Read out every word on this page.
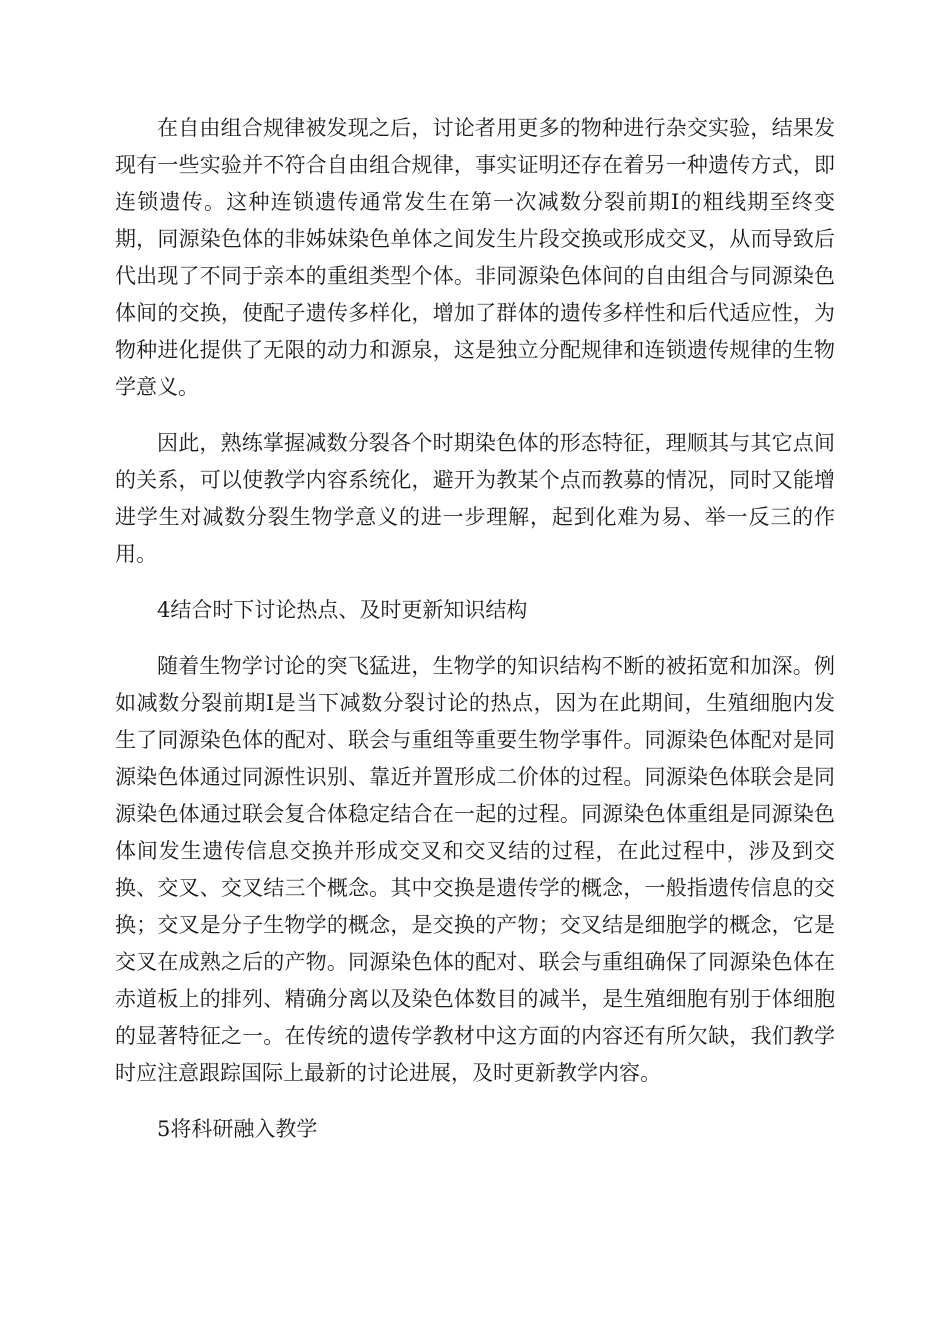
在自由组合规律被发现之后，讨论者用更多的物种进行杂交实验，结果发现有一些实验并不符合自由组合规律，事实证明还存在着另一种遗传方式，即连锁遗传。这种连锁遗传通常发生在第一次减数分裂前期Ⅰ的粗线期至终变期，同源染色体的非姊妹染色单体之间发生片段交换或形成交叉，从而导致后代出现了不同于亲本的重组类型个体。非同源染色体间的自由组合与同源染色体间的交换，使配子遗传多样化，增加了群体的遗传多样性和后代适应性，为物种进化提供了无限的动力和源泉，这是独立分配规律和连锁遗传规律的生物学意义。

因此，熟练掌握减数分裂各个时期染色体的形态特征，理顺其与其它点间的关系，可以使教学内容系统化，避开为教某个点而教募的情况，同时又能增进学生对减数分裂生物学意义的进一步理解，起到化难为易、举一反三的作用。

4结合时下讨论热点、及时更新知识结构

随着生物学讨论的突飞猛进，生物学的知识结构不断的被拓宽和加深。例如减数分裂前期Ⅰ是当下减数分裂讨论的热点，因为在此期间，生殖细胞内发生了同源染色体的配对、联会与重组等重要生物学事件。同源染色体配对是同源染色体通过同源性识别、靠近并置形成二价体的过程。同源染色体联会是同源染色体通过联会复合体稳定结合在一起的过程。同源染色体重组是同源染色体间发生遗传信息交换并形成交叉和交叉结的过程，在此过程中，涉及到交换、交叉、交叉结三个概念。其中交换是遗传学的概念，一般指遗传信息的交换；交叉是分子生物学的概念，是交换的产物；交叉结是细胞学的概念，它是交叉在成熟之后的产物。同源染色体的配对、联会与重组确保了同源染色体在赤道板上的排列、精确分离以及染色体数目的减半，是生殖细胞有别于体细胞的显著特征之一。在传统的遗传学教材中这方面的内容还有所欠缺，我们教学时应注意跟踪国际上最新的讨论进展，及时更新教学内容。

5将科研融入教学
